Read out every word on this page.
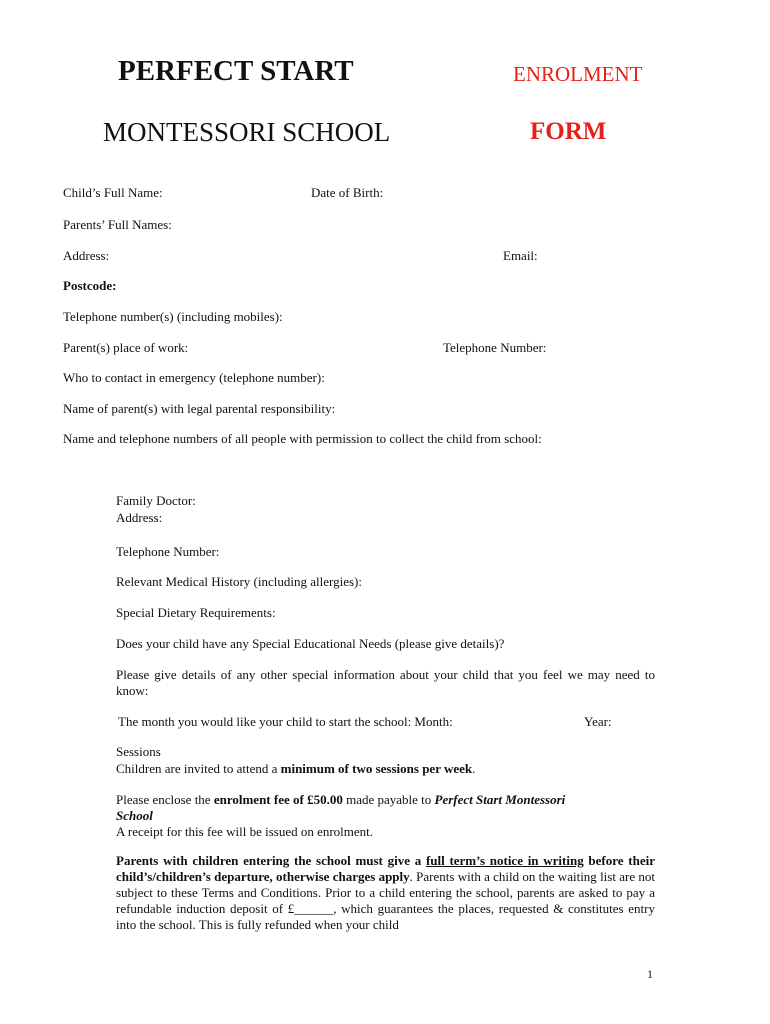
PERFECT START
MONTESSORI SCHOOL
ENROLMENT
FORM
Child’s Full Name:	Date of Birth:
Parents’ Full Names:
Address:	Email:
Postcode:
Telephone number(s) (including mobiles):
Parent(s) place of work:	Telephone Number:
Who to contact in emergency (telephone number):
Name of parent(s) with legal parental responsibility:
Name and telephone numbers of all people with permission to collect the child from school:
Family Doctor:
Address:
Telephone Number:
Relevant Medical History (including allergies):
Special Dietary Requirements:
Does your child have any Special Educational Needs (please give details)?
Please give details of any other special information about your child that you feel we may need to know:
The month you would like your child to start the school: Month:	Year:
Sessions
Children are invited to attend a minimum of two sessions per week.
Please enclose the enrolment fee of £50.00 made payable to Perfect Start Montessori School
A receipt for this fee will be issued on enrolment.
Parents with children entering the school must give a full term’s notice in writing before their child’s/children’s departure, otherwise charges apply. Parents with a child on the waiting list are not subject to these Terms and Conditions. Prior to a child entering the school, parents are asked to pay a refundable induction deposit of £______, which guarantees the places, requested & constitutes entry into the school. This is fully refunded when your child
1
